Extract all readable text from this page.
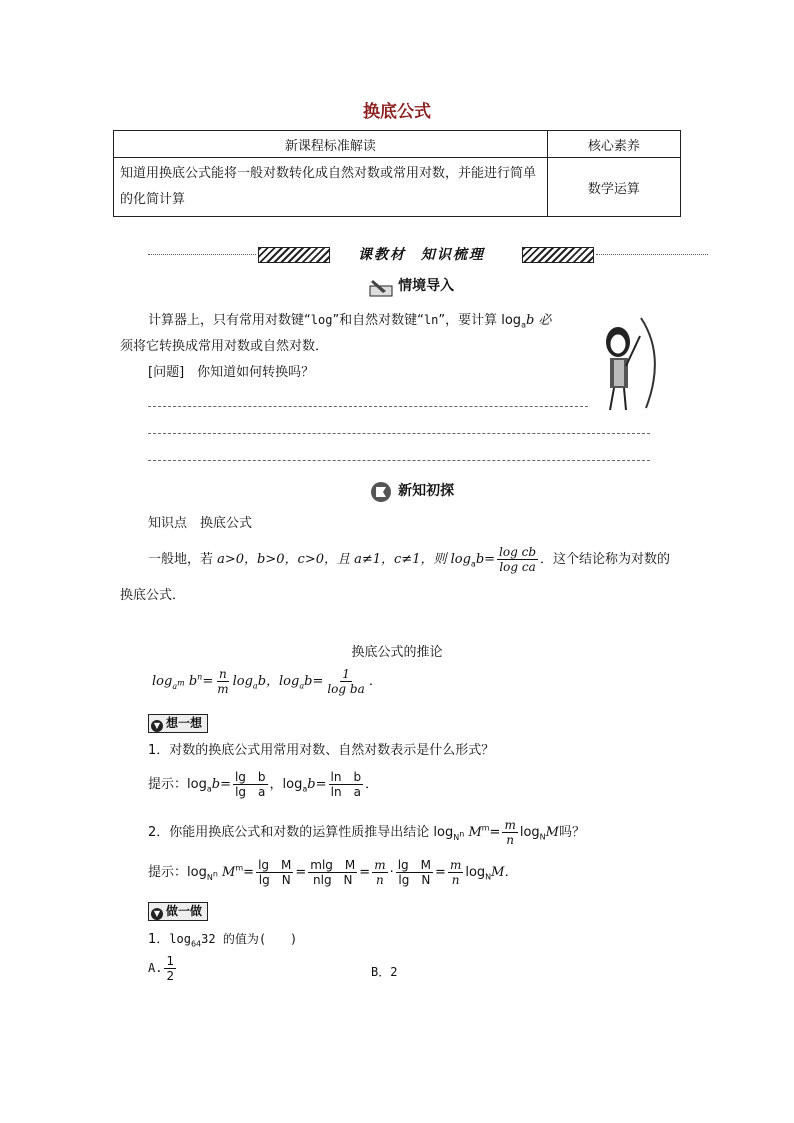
换底公式
新课程标准解读	核心素养
知道用换底公式能将一般对数转化成自然对数或常用对数，并能进行简单的化简计算	数学运算
课教材 知识梳理
情境导入
计算器上，只有常用对数键“log”和自然对数键“ln”，要计算 $\log_ab$ 必
须将它转换成常用对数或自然对数．
[问题]　你知道如何转换吗？
新知初探
知识点　换底公式
一般地，若 a>0，b>0，c>0，且 a≠1，c≠1，则 $\log_ab= \frac{\text{log cb}}{\text{log ca}}$ ．这个结论称为对数的
换底公式．
换底公式的推论
$\log_{a^m} b^n= \frac{n}{m} \log_ab$，$\log_ab= \frac{1}{\text{log ba}}$ ．
▼ 想一想
1．对数的换底公式用常用对数、自然对数表示是什么形式？
提示：$\log_ab= \frac{\text{lg　b}}{\text{lg　a}}$ ，$\log_ab= \frac{\text{ln　b}}{\text{ln　a}}$ ．
2．你能用换底公式和对数的运算性质推导出结论 $\log_{N^n} M^m= \frac{m}{n} \log_NM$吗？
提示：$\log_{N^n} M^m= \frac{\text{lg　M}}{\text{lg　N}} = \frac{\text{mlg　M}}{\text{nlg　N}} = \frac{m}{n} \cdot \frac{\text{lg　M}}{\text{lg　N}} = \frac{m}{n} \log_NM$．
▼ 做一做
1．$\log_{64}32$ 的值为(　　)
A. $\frac{1}{2}$	B．2
